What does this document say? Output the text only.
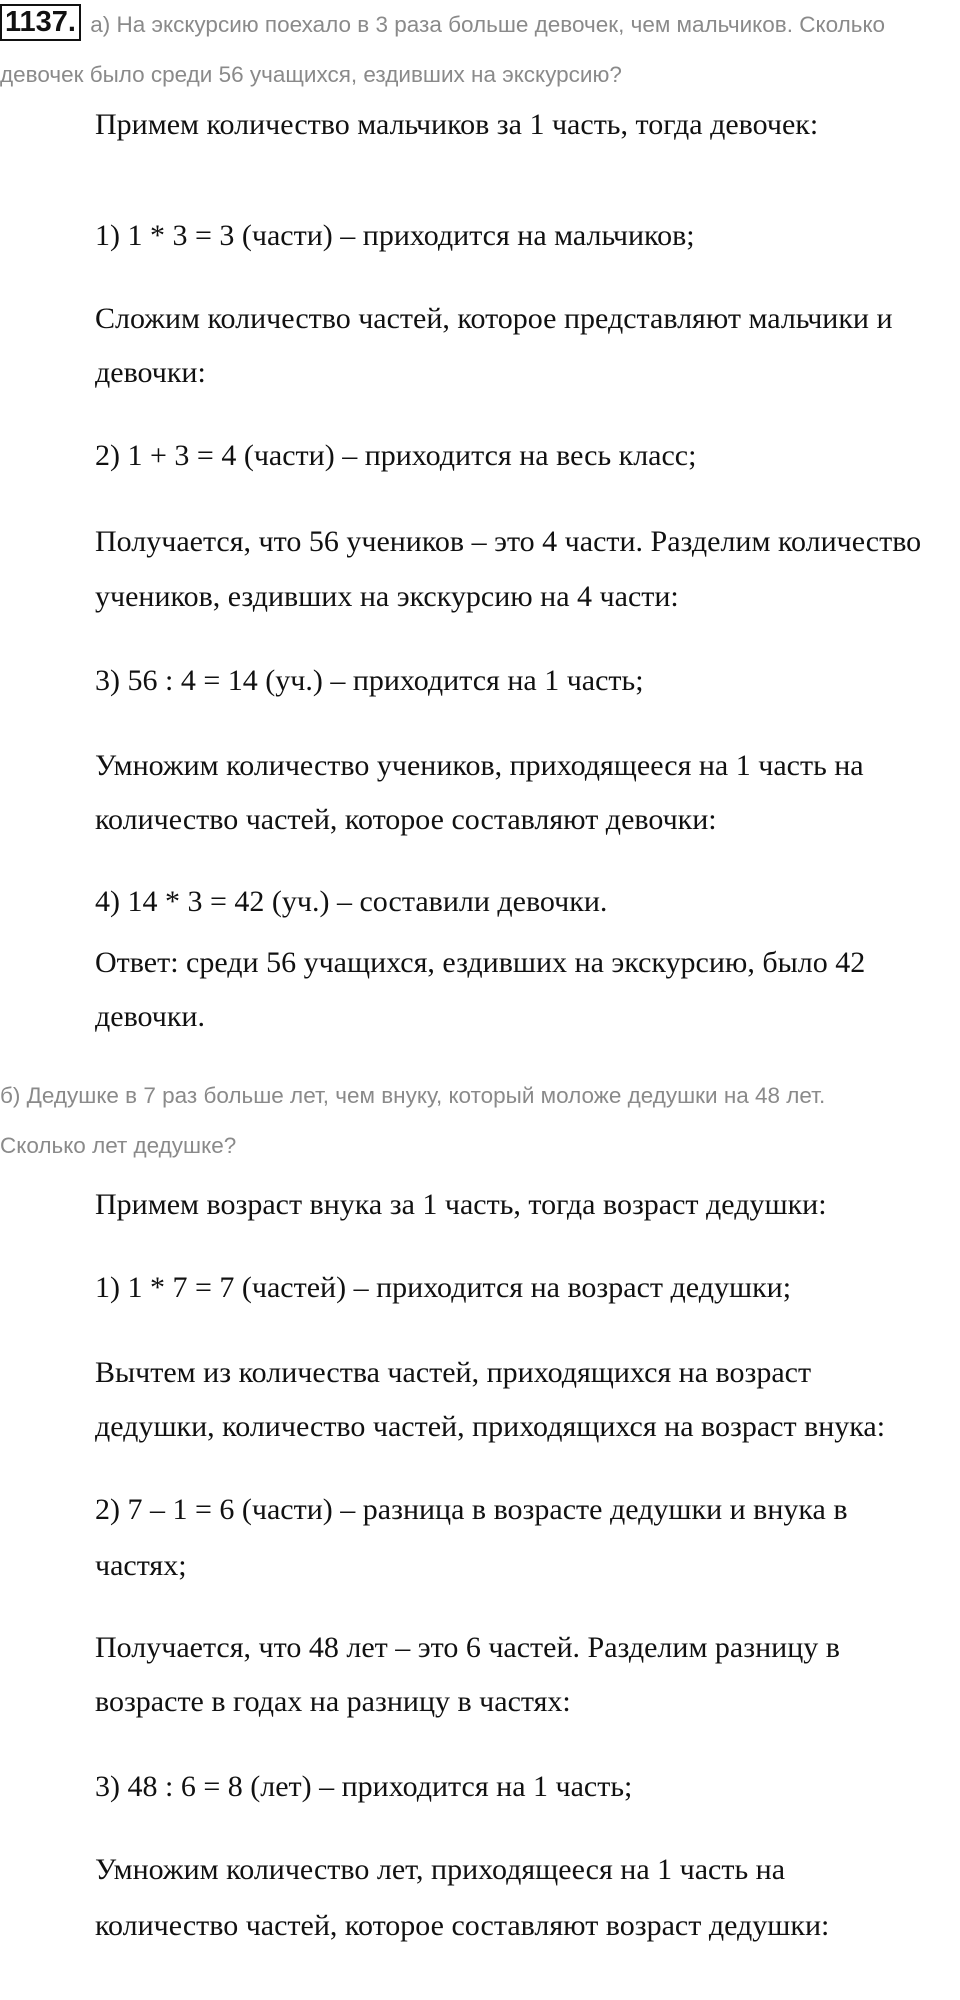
1137. а) На экскурсию поехало в 3 раза больше девочек, чем мальчиков. Сколько
девочек было среди 56 учащихся, ездивших на экскурсию?

Примем количество мальчиков за 1 часть, тогда девочек:

1) 1 * 3 = 3 (части) – приходится на мальчиков;

Сложим количество частей, которое представляют мальчики и

девочки:

2) 1 + 3 = 4 (части) – приходится на весь класс;

Получается, что 56 учеников – это 4 части. Разделим количество

учеников, ездивших на экскурсию на 4 части:

3) 56 : 4 = 14 (уч.) – приходится на 1 часть;

Умножим количество учеников, приходящееся на 1 часть на

количество частей, которое составляют девочки:

4) 14 * 3 = 42 (уч.) – составили девочки.

Ответ: среди 56 учащихся, ездивших на экскурсию, было 42

девочки.

б) Дедушке в 7 раз больше лет, чем внуку, который моложе дедушки на 48 лет.
Сколько лет дедушке?

Примем возраст внука за 1 часть, тогда возраст дедушки:

1) 1 * 7 = 7 (частей) – приходится на возраст дедушки;

Вычтем из количества частей, приходящихся на возраст

дедушки, количество частей, приходящихся на возраст внука:

2) 7 – 1 = 6 (части) – разница в возрасте дедушки и внука в

частях;

Получается, что 48 лет – это 6 частей. Разделим разницу в

возрасте в годах на разницу в частях:

3) 48 : 6 = 8 (лет) – приходится на 1 часть;

Умножим количество лет, приходящееся на 1 часть на

количество частей, которое составляют возраст дедушки:
